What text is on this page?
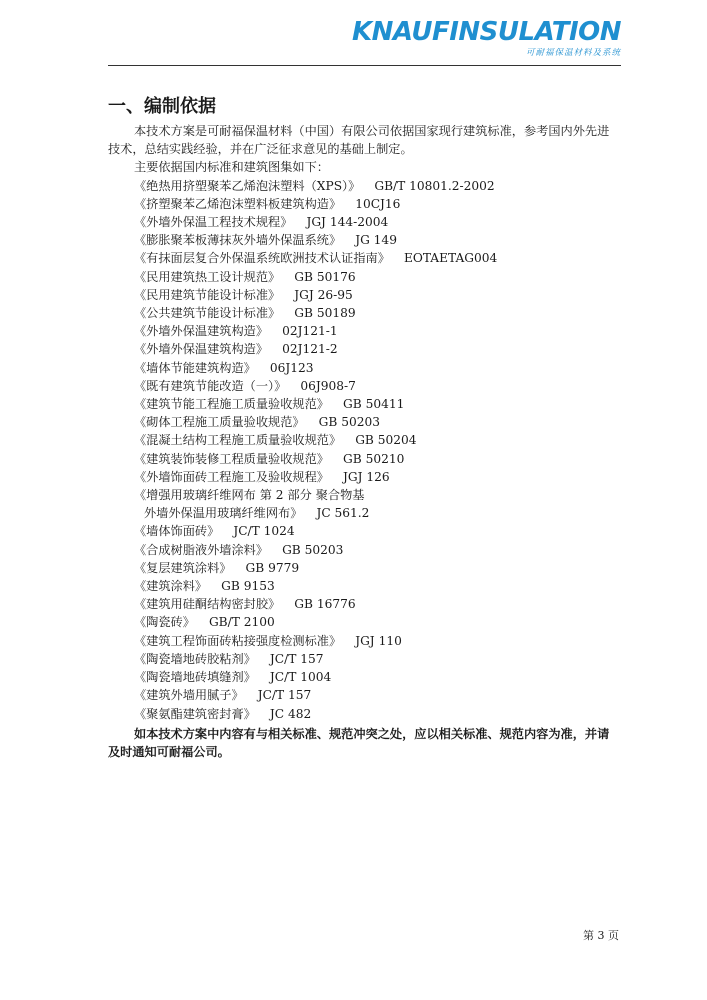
KNAUFINSULATION
可耐福保温材料及系统
一、编制依据

本技术方案是可耐福保温材料（中国）有限公司依据国家现行建筑标准，参考国内外先进技术，总结实践经验，并在广泛征求意见的基础上制定。

主要依据国内标准和建筑图集如下：

《绝热用挤塑聚苯乙烯泡沫塑料（XPS）》 GB/T 10801.2-2002
《挤塑聚苯乙烯泡沫塑料板建筑构造》 10CJ16
《外墙外保温工程技术规程》 JGJ 144-2004
《膨胀聚苯板薄抹灰外墙外保温系统》 JG 149
《有抹面层复合外保温系统欧洲技术认证指南》 EOTAETAG004
《民用建筑热工设计规范》 GB 50176
《民用建筑节能设计标准》 JGJ 26-95
《公共建筑节能设计标准》 GB 50189
《外墙外保温建筑构造》 02J121-1
《外墙外保温建筑构造》 02J121-2
《墙体节能建筑构造》 06J123
《既有建筑节能改造（一）》 06J908-7
《建筑节能工程施工质量验收规范》 GB 50411
《砌体工程施工质量验收规范》 GB 50203
《混凝土结构工程施工质量验收规范》 GB 50204
《建筑装饰装修工程质量验收规范》 GB 50210
《外墙饰面砖工程施工及验收规程》 JGJ 126
《增强用玻璃纤维网布 第 2 部分 聚合物基
外墙外保温用玻璃纤维网布》 JC 561.2
《墙体饰面砖》 JC/T 1024
《合成树脂液外墙涂料》 GB 50203
《复层建筑涂料》 GB 9779
《建筑涂料》 GB 9153
《建筑用硅酮结构密封胶》 GB 16776
《陶瓷砖》 GB/T 2100
《建筑工程饰面砖粘接强度检测标准》 JGJ 110
《陶瓷墙地砖胶粘剂》 JC/T 157
《陶瓷墙地砖填缝剂》 JC/T 1004
《建筑外墙用腻子》 JC/T 157
《聚氨酯建筑密封膏》 JC 482

如本技术方案中内容有与相关标准、规范冲突之处，应以相关标准、规范内容为准，并请及时通知可耐福公司。

第 3 页
